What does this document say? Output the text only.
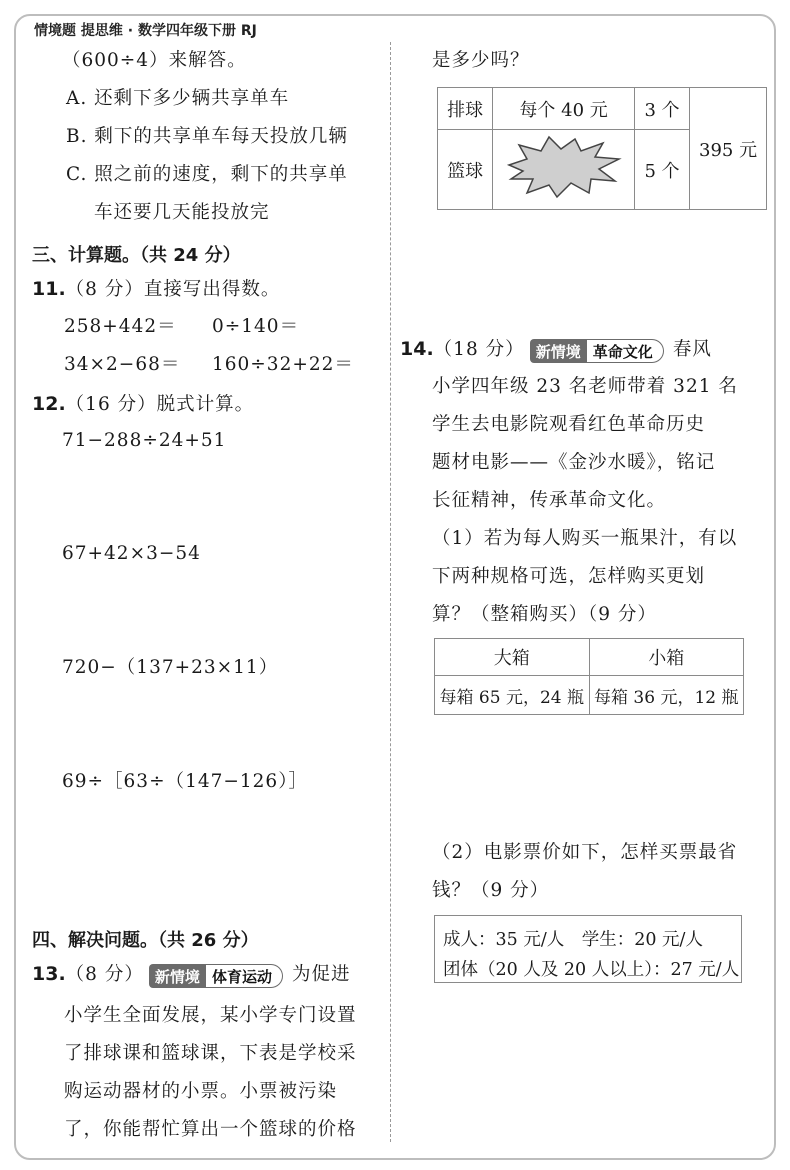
情境题 提思维 · 数学四年级下册 RJ
（600÷4）来解答。
A. 还剩下多少辆共享单车
B. 剩下的共享单车每天投放几辆
C. 照之前的速度，剩下的共享单
车还要几天能投放完
三、计算题。（共 24 分）
11.（8 分）直接写出得数。
258+442＝ 0÷140＝
34×2−68＝ 160÷32+22＝
12.（16 分）脱式计算。
71−288÷24+51
67+42×3−54
720−（137+23×11）
69÷［63÷（147−126）］
四、解决问题。（共 26 分）
13.（8 分） 新情境 体育运动	为促进
小学生全面发展，某小学专门设置
了排球课和篮球课，下表是学校采
购运动器材的小票。小票被污染
了，你能帮忙算出一个篮球的价格
是多少吗？
排球	每个 40 元	3 个	395 元
篮球		5 个	
14.（18 分） 新情境 革命文化	春风
小学四年级 23 名老师带着 321 名
学生去电影院观看红色革命历史
题材电影——《金沙水暖》，铭记
长征精神，传承革命文化。
（1）若为每人购买一瓶果汁，有以
下两种规格可选，怎样购买更划
算？（整箱购买）（9 分）
大箱	小箱
每箱 65 元，24 瓶	每箱 36 元，12 瓶
（2）电影票价如下，怎样买票最省
钱？（9 分）
成人：35 元/人　学生：20 元/人
团体（20 人及 20 人以上）：27 元/人
